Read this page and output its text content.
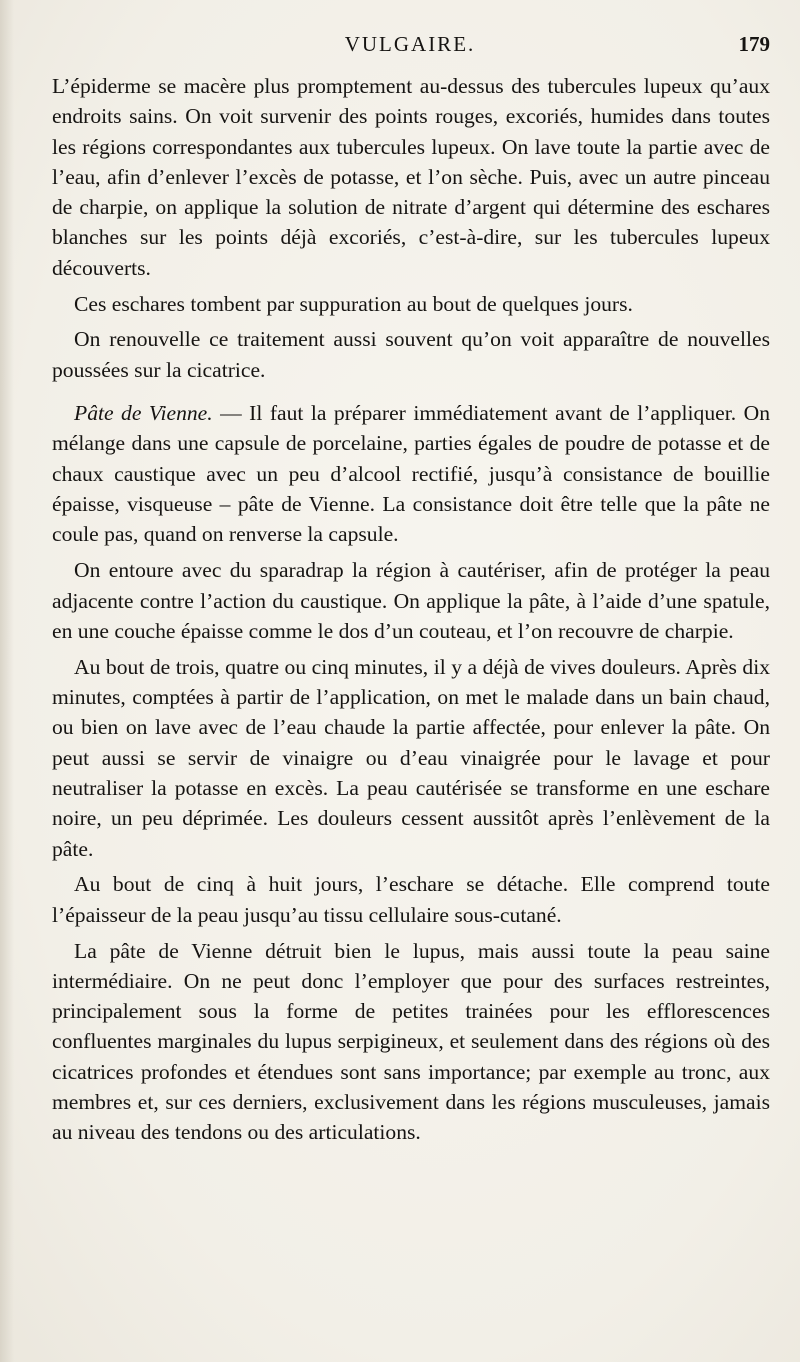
VULGAIRE.	179

L’épiderme se macère plus promptement au-dessus des tubercules lupeux qu’aux endroits sains. On voit survenir des points rouges, excoriés, humides dans toutes les régions correspondantes aux tubercules lupeux. On lave toute la partie avec de l’eau, afin d’enlever l’excès de potasse, et l’on sèche. Puis, avec un autre pinceau de charpie, on applique la solution de nitrate d’argent qui détermine des eschares blanches sur les points déjà excoriés, c’est-à-dire, sur les tubercules lupeux découverts.

Ces eschares tombent par suppuration au bout de quelques jours.

On renouvelle ce traitement aussi souvent qu’on voit apparaître de nouvelles poussées sur la cicatrice.

Pâte de Vienne. — Il faut la préparer immédiatement avant de l’appliquer. On mélange dans une capsule de porcelaine, parties égales de poudre de potasse et de chaux caustique avec un peu d’alcool rectifié, jusqu’à consistance de bouillie épaisse, visqueuse – pâte de Vienne. La consistance doit être telle que la pâte ne coule pas, quand on renverse la capsule.

On entoure avec du sparadrap la région à cautériser, afin de protéger la peau adjacente contre l’action du caustique. On applique la pâte, à l’aide d’une spatule, en une couche épaisse comme le dos d’un couteau, et l’on recouvre de charpie.

Au bout de trois, quatre ou cinq minutes, il y a déjà de vives douleurs. Après dix minutes, comptées à partir de l’application, on met le malade dans un bain chaud, ou bien on lave avec de l’eau chaude la partie affectée, pour enlever la pâte. On peut aussi se servir de vinaigre ou d’eau vinaigrée pour le lavage et pour neutraliser la potasse en excès. La peau cautérisée se transforme en une eschare noire, un peu déprimée. Les douleurs cessent aussitôt après l’enlèvement de la pâte.

Au bout de cinq à huit jours, l’eschare se détache. Elle comprend toute l’épaisseur de la peau jusqu’au tissu cellulaire sous-cutané.

La pâte de Vienne détruit bien le lupus, mais aussi toute la peau saine intermédiaire. On ne peut donc l’employer que pour des surfaces restreintes, principalement sous la forme de petites trainées pour les efflorescences confluentes marginales du lupus serpigineux, et seulement dans des régions où des cicatrices profondes et étendues sont sans importance; par exemple au tronc, aux membres et, sur ces derniers, exclusivement dans les régions musculeuses, jamais au niveau des tendons ou des articulations.
